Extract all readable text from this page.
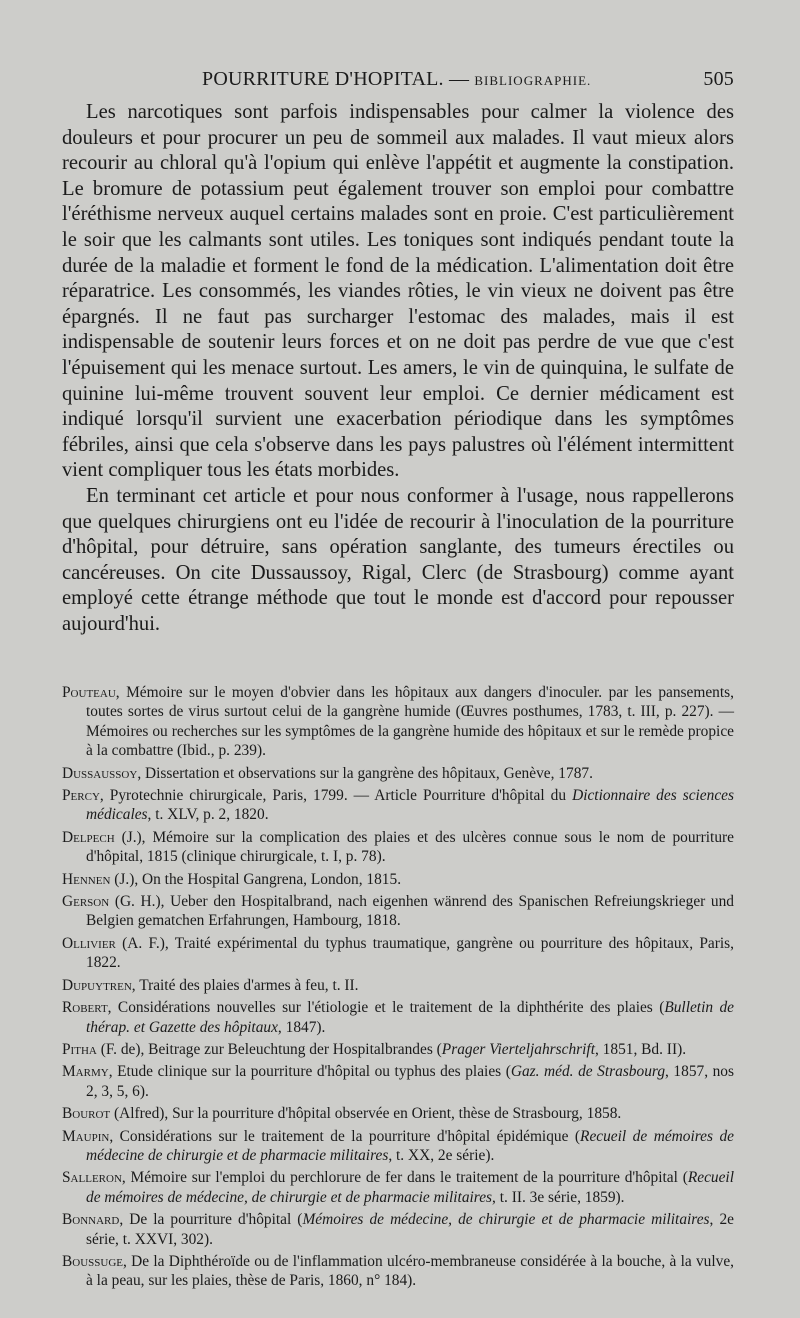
POURRITURE D'HOPITAL. — BIBLIOGRAPHIE.	505

Les narcotiques sont parfois indispensables pour calmer la violence des douleurs et pour procurer un peu de sommeil aux malades. Il vaut mieux alors recourir au chloral qu'à l'opium qui enlève l'appétit et augmente la constipation. Le bromure de potassium peut également trouver son emploi pour combattre l'éréthisme nerveux auquel certains malades sont en proie. C'est particulièrement le soir que les calmants sont utiles. Les toniques sont indiqués pendant toute la durée de la maladie et forment le fond de la médication. L'alimentation doit être réparatrice. Les consommés, les viandes rôties, le vin vieux ne doivent pas être épargnés. Il ne faut pas surcharger l'estomac des malades, mais il est indispensable de soutenir leurs forces et on ne doit pas perdre de vue que c'est l'épuisement qui les menace surtout. Les amers, le vin de quinquina, le sulfate de quinine lui-même trouvent souvent leur emploi. Ce dernier médicament est indiqué lorsqu'il survient une exacerbation périodique dans les symptômes fébriles, ainsi que cela s'observe dans les pays palustres où l'élément intermittent vient compliquer tous les états morbides.

En terminant cet article et pour nous conformer à l'usage, nous rappellerons que quelques chirurgiens ont eu l'idée de recourir à l'inoculation de la pourriture d'hôpital, pour détruire, sans opération sanglante, des tumeurs érectiles ou cancéreuses. On cite Dussaussoy, Rigal, Clerc (de Strasbourg) comme ayant employé cette étrange méthode que tout le monde est d'accord pour repousser aujourd'hui.

Pouteau, Mémoire sur le moyen d'obvier dans les hôpitaux aux dangers d'inoculer. par les pansements, toutes sortes de virus surtout celui de la gangrène humide (Œuvres posthumes, 1783, t. III, p. 227). — Mémoires ou recherches sur les symptômes de la gangrène humide des hôpitaux et sur le remède propice à la combattre (Ibid., p. 239).

Dussaussoy, Dissertation et observations sur la gangrène des hôpitaux, Genève, 1787.

Percy, Pyrotechnie chirurgicale, Paris, 1799. — Article Pourriture d'hôpital du Dictionnaire des sciences médicales, t. XLV, p. 2, 1820.

Delpech (J.), Mémoire sur la complication des plaies et des ulcères connue sous le nom de pourriture d'hôpital, 1815 (clinique chirurgicale, t. I, p. 78).

Hennen (J.), On the Hospital Gangrena, London, 1815.

Gerson (G. H.), Ueber den Hospitalbrand, nach eigenhen wänrend des Spanischen Refreiungskrieger und Belgien gematchen Erfahrungen, Hambourg, 1818.

Ollivier (A. F.), Traité expérimental du typhus traumatique, gangrène ou pourriture des hôpitaux, Paris, 1822.

Dupuytren, Traité des plaies d'armes à feu, t. II.

Robert, Considérations nouvelles sur l'étiologie et le traitement de la diphthérite des plaies (Bulletin de thérap. et Gazette des hôpitaux, 1847).

Pitha (F. de), Beitrage zur Beleuchtung der Hospitalbrandes (Prager Vierteljahrschrift, 1851, Bd. II).

Marmy, Etude clinique sur la pourriture d'hôpital ou typhus des plaies (Gaz. méd. de Strasbourg, 1857, nos 2, 3, 5, 6).

Bourot (Alfred), Sur la pourriture d'hôpital observée en Orient, thèse de Strasbourg, 1858.

Maupin, Considérations sur le traitement de la pourriture d'hôpital épidémique (Recueil de mémoires de médecine de chirurgie et de pharmacie militaires, t. XX, 2e série).

Salleron, Mémoire sur l'emploi du perchlorure de fer dans le traitement de la pourriture d'hôpital (Recueil de mémoires de médecine, de chirurgie et de pharmacie militaires, t. II. 3e série, 1859).

Bonnard, De la pourriture d'hôpital (Mémoires de médecine, de chirurgie et de pharmacie militaires, 2e série, t. XXVI, 302).

Boussuge, De la Diphthéroïde ou de l'inflammation ulcéro-membraneuse considérée à la bouche, à la vulve, à la peau, sur les plaies, thèse de Paris, 1860, n° 184).
